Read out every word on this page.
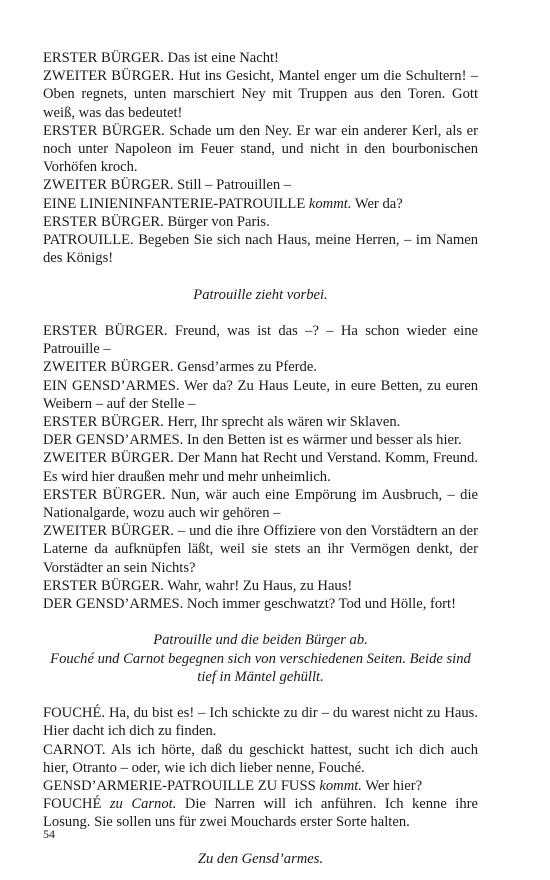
ERSTER BÜRGER. Das ist eine Nacht!

ZWEITER BÜRGER. Hut ins Gesicht, Mantel enger um die Schultern! – Oben regnets, unten marschiert Ney mit Truppen aus den Toren. Gott weiß, was das bedeutet!

ERSTER BÜRGER. Schade um den Ney. Er war ein anderer Kerl, als er noch unter Napoleon im Feuer stand, und nicht in den bourbonischen Vorhöfen kroch.

ZWEITER BÜRGER. Still – Patrouillen –

EINE LINIENINFANTERIE-PATROUILLE kommt. Wer da?

ERSTER BÜRGER. Bürger von Paris.

PATROUILLE. Begeben Sie sich nach Haus, meine Herren, – im Namen des Königs!

Patrouille zieht vorbei.

ERSTER BÜRGER. Freund, was ist das –? – Ha schon wieder eine Patrouille –

ZWEITER BÜRGER. Gensd’armes zu Pferde.

EIN GENSD’ARMES. Wer da? Zu Haus Leute, in eure Betten, zu euren Weibern – auf der Stelle –

ERSTER BÜRGER. Herr, Ihr sprecht als wären wir Sklaven.

DER GENSD’ARMES. In den Betten ist es wärmer und besser als hier.

ZWEITER BÜRGER. Der Mann hat Recht und Verstand. Komm, Freund. Es wird hier draußen mehr und mehr unheimlich.

ERSTER BÜRGER. Nun, wär auch eine Empörung im Ausbruch, – die Nationalgarde, wozu auch wir gehören –

ZWEITER BÜRGER. – und die ihre Offiziere von den Vorstädtern an der Laterne da aufknüpfen läßt, weil sie stets an ihr Vermögen denkt, der Vorstädter an sein Nichts?

ERSTER BÜRGER. Wahr, wahr! Zu Haus, zu Haus!

DER GENSD’ARMES. Noch immer geschwatzt? Tod und Hölle, fort!

Patrouille und die beiden Bürger ab.

Fouché und Carnot begegnen sich von verschiedenen Seiten. Beide sind tief in Mäntel gehüllt.

FOUCHÉ. Ha, du bist es! – Ich schickte zu dir – du warest nicht zu Haus. Hier dacht ich dich zu finden.

CARNOT. Als ich hörte, daß du geschickt hattest, sucht ich dich auch hier, Otranto – oder, wie ich dich lieber nenne, Fouché.

GENSD’ARMERIE-PATROUILLE ZU FUSS kommt. Wer hier?

FOUCHÉ zu Carnot. Die Narren will ich anführen. Ich kenne ihre Losung. Sie sollen uns für zwei Mouchards erster Sorte halten.

Zu den Gensd’armes.

54
